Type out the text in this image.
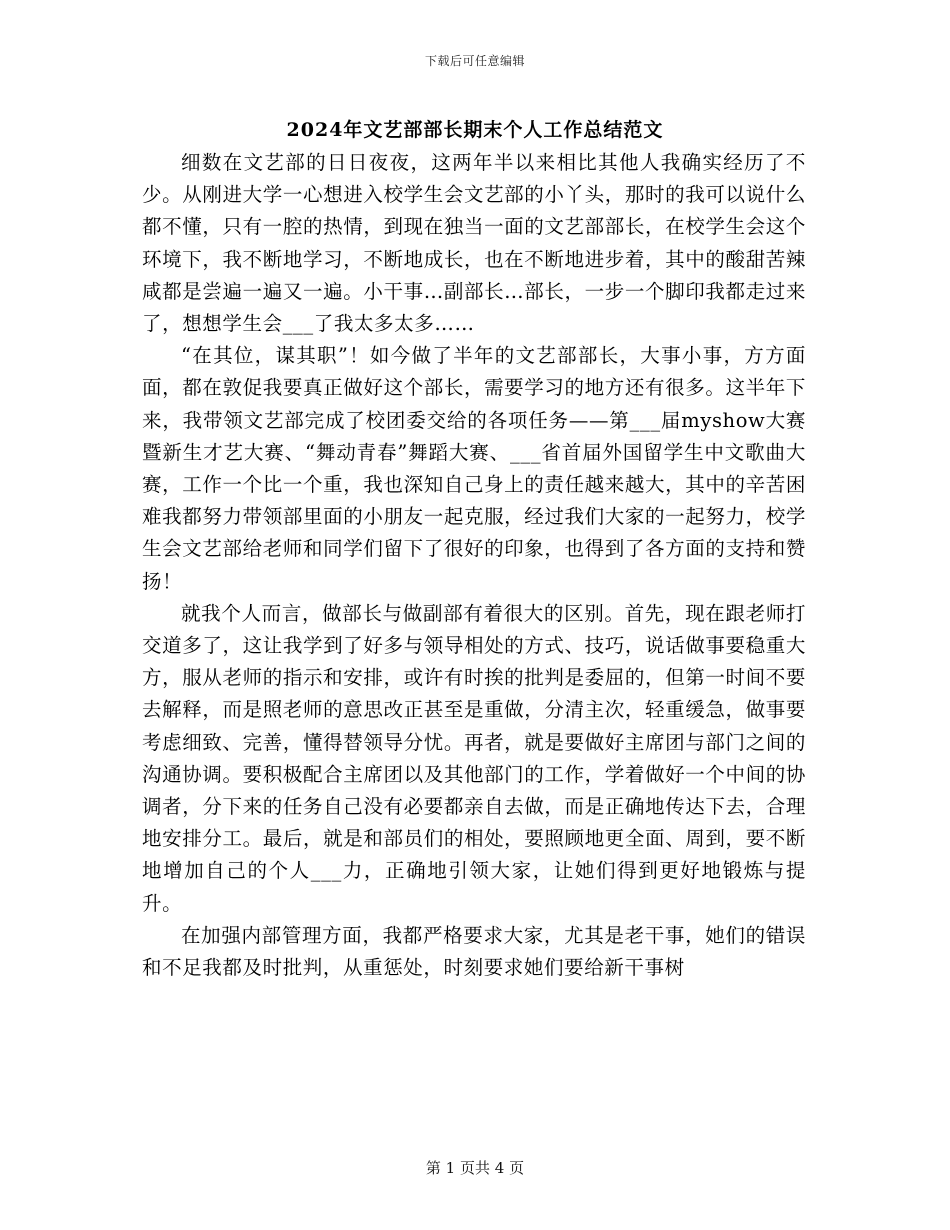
下载后可任意编辑
2024年文艺部部长期末个人工作总结范文

细数在文艺部的日日夜夜，这两年半以来相比其他人我确实经历了不少。从刚进大学一心想进入校学生会文艺部的小丫头，那时的我可以说什么都不懂，只有一腔的热情，到现在独当一面的文艺部部长，在校学生会这个环境下，我不断地学习，不断地成长，也在不断地进步着，其中的酸甜苦辣咸都是尝遍一遍又一遍。小干事…副部长…部长，一步一个脚印我都走过来了，想想学生会___了我太多太多……

“在其位，谋其职”！如今做了半年的文艺部部长，大事小事，方方面面，都在敦促我要真正做好这个部长，需要学习的地方还有很多。这半年下来，我带领文艺部完成了校团委交给的各项任务——第___届myshow大赛暨新生才艺大赛、“舞动青春”舞蹈大赛、___省首届外国留学生中文歌曲大赛，工作一个比一个重，我也深知自己身上的责任越来越大，其中的辛苦困难我都努力带领部里面的小朋友一起克服，经过我们大家的一起努力，校学生会文艺部给老师和同学们留下了很好的印象，也得到了各方面的支持和赞扬！

就我个人而言，做部长与做副部有着很大的区别。首先，现在跟老师打交道多了，这让我学到了好多与领导相处的方式、技巧，说话做事要稳重大方，服从老师的指示和安排，或许有时挨的批判是委屈的，但第一时间不要去解释，而是照老师的意思改正甚至是重做，分清主次，轻重缓急，做事要考虑细致、完善，懂得替领导分忧。再者，就是要做好主席团与部门之间的沟通协调。要积极配合主席团以及其他部门的工作，学着做好一个中间的协调者，分下来的任务自己没有必要都亲自去做，而是正确地传达下去，合理地安排分工。最后，就是和部员们的相处，要照顾地更全面、周到，要不断地增加自己的个人___力，正确地引领大家，让她们得到更好地锻炼与提升。

在加强内部管理方面，我都严格要求大家，尤其是老干事，她们的错误和不足我都及时批判，从重惩处，时刻要求她们要给新干事树

第 1 页共 4 页
